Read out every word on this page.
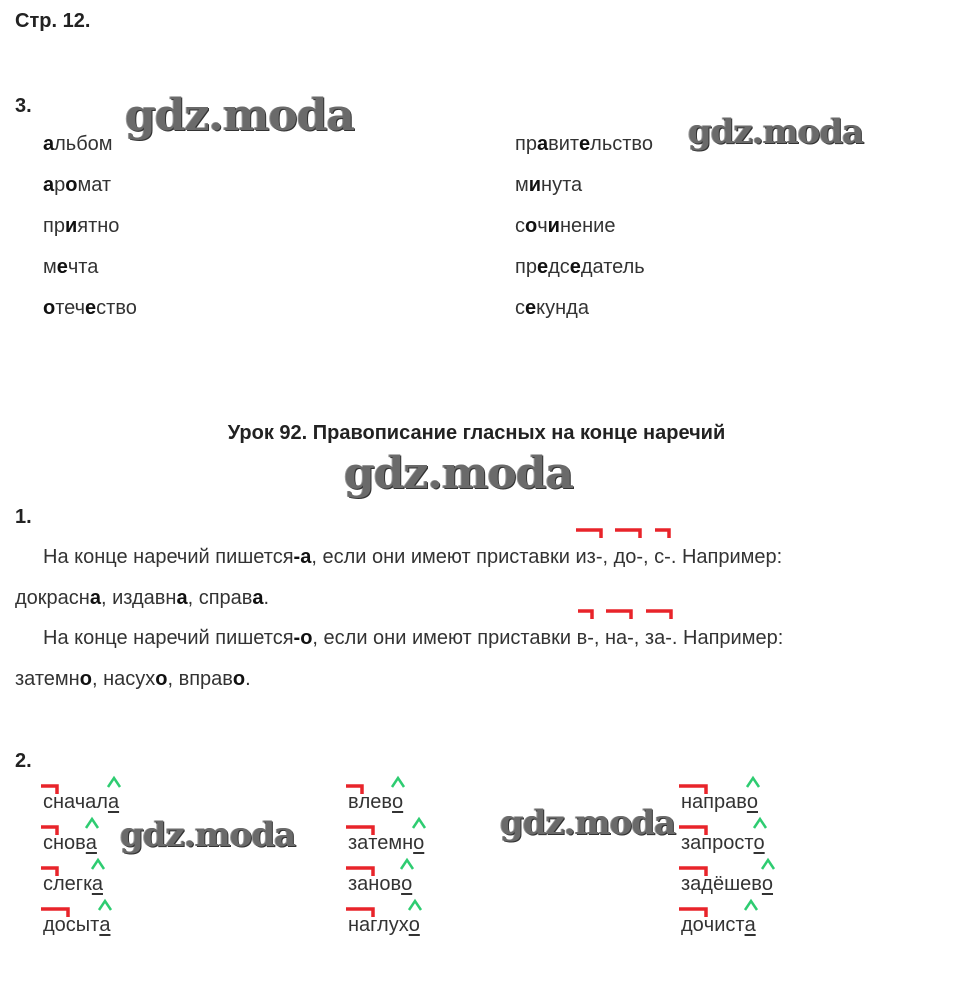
Стр. 12.
3. gdz.moda	gdz.moda
альбом
аромат
приятно
мечта
отечество
правительство
минута
сочинение
председатель
секунда
Урок 92. Правописание гласных на конце наречий
gdz.moda
1.
На конце наречий пишется-а, если они имеют приставки из
-, до
-, с
-. Например:
докрасна, издавна, справа.
На конце наречий пишется-о, если они имеют приставки в
-, на
-, за
-. Например:
затемно, насухо, вправо.
2.
gdz.moda	gdz.moda
с
начала
с
нова
с
легка
до
сыта
в
лево
за
темно
за
ново
на
глухо
на
право
за
просто
за
дёшево
до
чиста
